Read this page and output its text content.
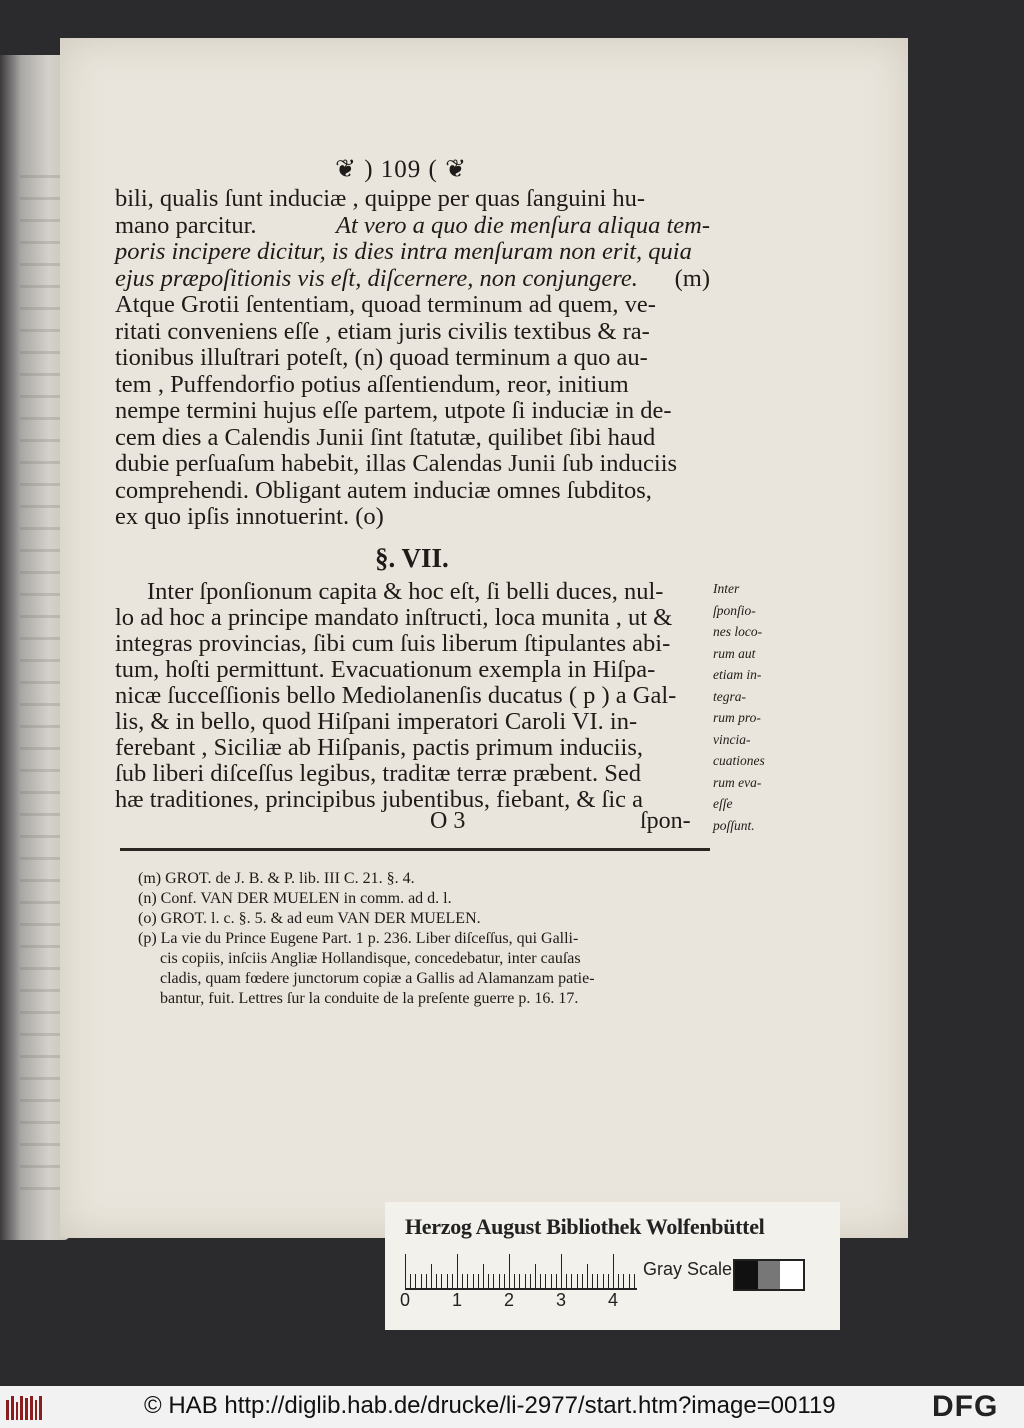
❦ ) 109 ( ❦
bili, qualis ſunt induciæ , quippe per quas ſanguini hu-
mano parcitur.	At vero a quo die menſura aliqua tem-
poris incipere dicitur, is dies intra menſuram non erit, quia
ejus præpoſitionis vis eſt, diſcernere, non conjungere. (m)
Atque Grotii ſententiam, quoad terminum ad quem, ve-
ritati conveniens eſſe , etiam juris civilis textibus & ra-
tionibus illuſtrari poteſt, (n) quoad terminum a quo au-
tem , Puffendorfio potius aſſentiendum, reor, initium
nempe termini hujus eſſe partem, utpote ſi induciæ in de-
cem dies a Calendis Junii ſint ſtatutæ, quilibet ſibi haud
dubie perſuaſum habebit, illas Calendas Junii ſub induciis
comprehendi. Obligant autem induciæ omnes ſubditos,
ex quo ipſis innotuerint. (o)
§. VII.
Inter ſponſionum capita & hoc eſt, ſi belli duces, nul-
lo ad hoc a principe mandato inſtructi, loca munita , ut &
integras provincias, ſibi cum ſuis liberum ſtipulantes abi-
tum, hoſti permittunt. Evacuationum exempla in Hiſpa-
nicæ ſucceſſionis bello Mediolanenſis ducatus ( p ) a Gal-
lis, & in bello, quod Hiſpani imperatori Caroli VI. in-
ferebant , Siciliæ ab Hiſpanis, pactis primum induciis,
ſub liberi diſceſſus legibus, traditæ terræ præbent. Sed
hæ traditiones, principibus jubentibus, fiebant, & ſic a
O 3	ſpon-
Inter
ſponſio-
nes loco-
rum aut
etiam in-
tegra-
rum pro-
vincia-
cuationes
rum eva-
eſſe
poſſunt.
(m) GROT. de J. B. & P. lib. III C. 21. §. 4.
(n) Conf. VAN DER MUELEN in comm. ad d. l.
(o) GROT. l. c. §. 5. & ad eum VAN DER MUELEN.
(p) La vie du Prince Eugene Part. 1 p. 236. Liber diſceſſus, qui Galli-
cis copiis, inſciis Angliæ Hollandisque, concedebatur, inter cauſas
cladis, quam fœdere junctorum copiæ a Gallis ad Alamanzam patie-
bantur, fuit. Lettres ſur la conduite de la preſente guerre p. 16. 17.
Herzog August Bibliothek Wolfenbüttel
0 1 2 3 4
Gray Scale
© HAB http://diglib.hab.de/drucke/li-2977/start.htm?image=00119	DFG
